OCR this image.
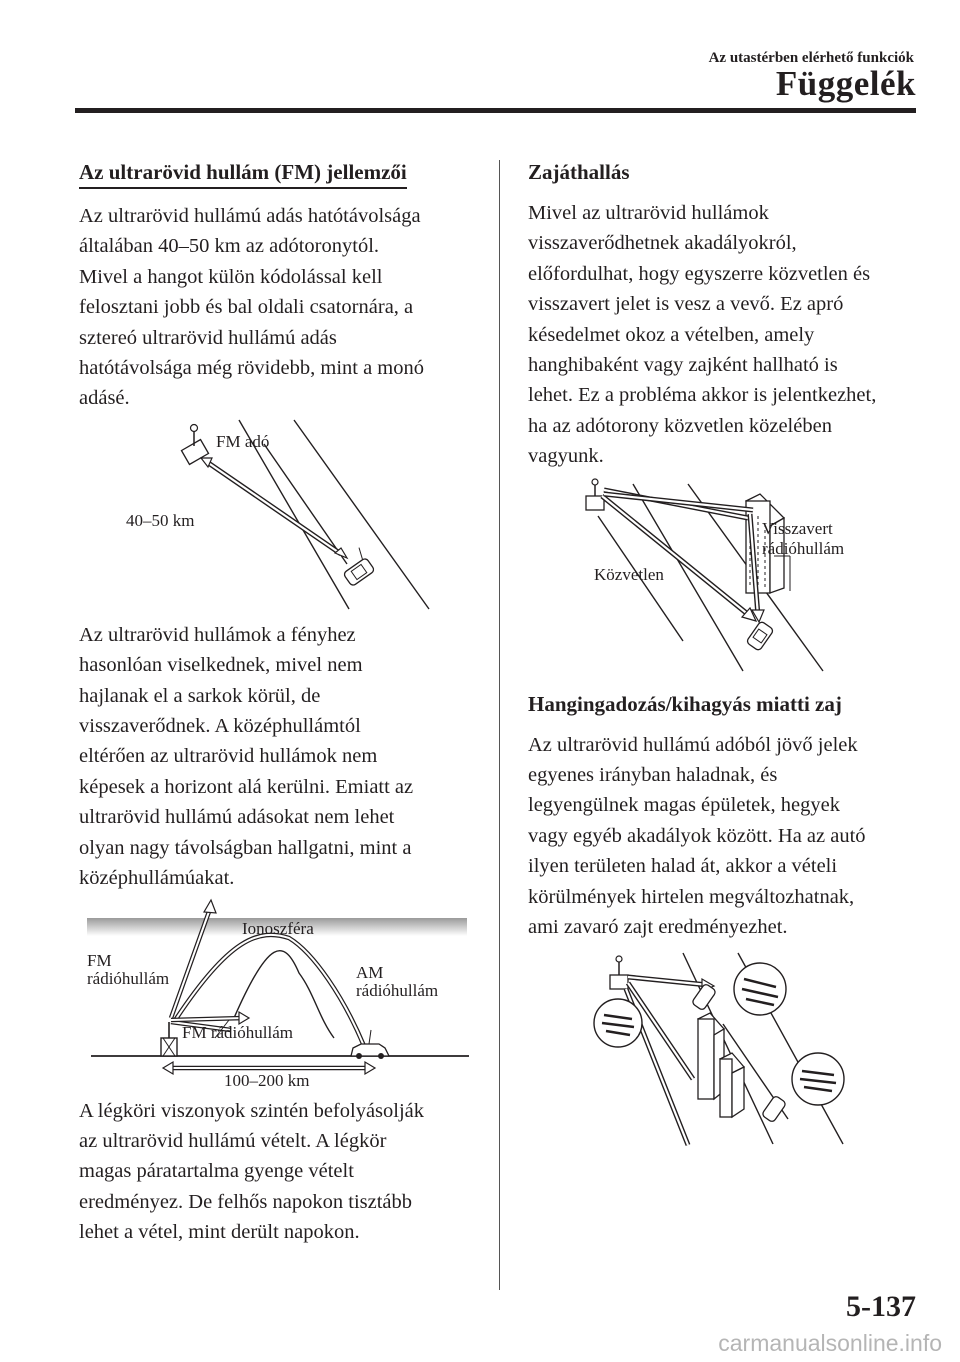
Az utastérben elérhető funkciók
Függelék
Az ultrarövid hullám (FM) jellemzői

Az ultrarövid hullámú adás hatótávolsága
általában 40–50 km az adótoronytól.
Mivel a hangot külön kódolással kell
felosztani jobb és bal oldali csatornára, a
sztereó ultrarövid hullámú adás
hatótávolsága még rövidebb, mint a monó
adásé.

FM adó
40–50 km

Az ultrarövid hullámok a fényhez
hasonlóan viselkednek, mivel nem
hajlanak el a sarkok körül, de
visszaverődnek. A középhullámtól
eltérően az ultrarövid hullámok nem
képesek a horizont alá kerülni. Emiatt az
ultrarövid hullámú adásokat nem lehet
olyan nagy távolságban hallgatni, mint a
középhullámúakat.

Ionoszféra
FM
rádióhullám	AM
rádióhullám
FM rádióhullám
100–200 km

A légköri viszonyok szintén befolyásolják
az ultrarövid hullámú vételt. A légkör
magas páratartalma gyenge vételt
eredményez. De felhős napokon tisztább
lehet a vétel, mint derült napokon.

Zajáthallás

Mivel az ultrarövid hullámok
visszaverődhetnek akadályokról,
előfordulhat, hogy egyszerre közvetlen és
visszavert jelet is vesz a vevő. Ez apró
késedelmet okoz a vételben, amely
hanghibaként vagy zajként hallható is
lehet. Ez a probléma akkor is jelentkezhet,
ha az adótorony közvetlen közelében
vagyunk.

Visszavert
rádióhullám
Közvetlen
Hangingadozás/kihagyás miatti zaj

Az ultrarövid hullámú adóból jövő jelek
egyenes irányban haladnak, és
legyengülnek magas épületek, hegyek
vagy egyéb akadályok között. Ha az autó
ilyen területen halad át, akkor a vételi
körülmények hirtelen megváltozhatnak,
ami zavaró zajt eredményezhet.

5-137
carmanualsonline.info
